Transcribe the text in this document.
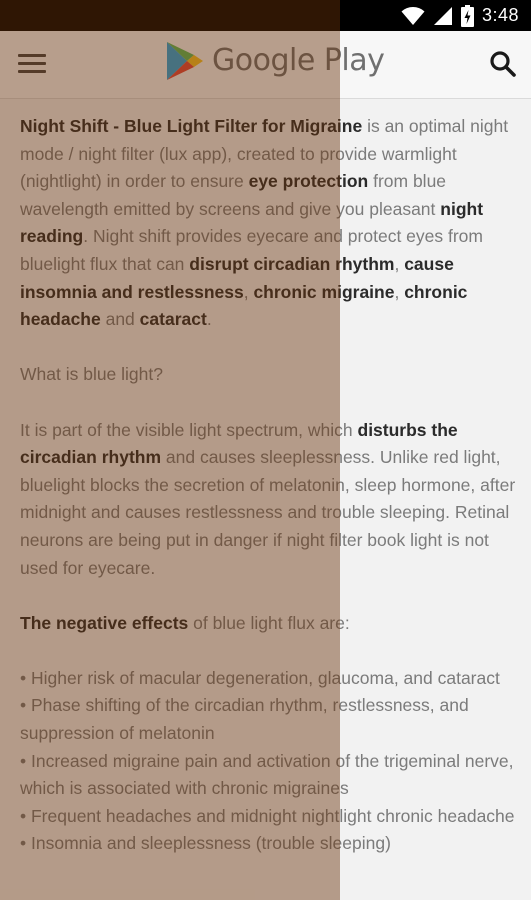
3:48
Google Play

Night Shift - Blue Light Filter for Migraine is an optimal night mode / night filter (lux app), created to provide warmlight (nightlight) in order to ensure eye protection from blue wavelength emitted by screens and give you pleasant night reading. Night shift provides eyecare and protect eyes from bluelight flux that can disrupt circadian rhythm, cause insomnia and restlessness, chronic migraine, chronic headache and cataract.

What is blue light?

It is part of the visible light spectrum, which disturbs the circadian rhythm and causes sleeplessness. Unlike red light, bluelight blocks the secretion of melatonin, sleep hormone, after midnight and causes restlessness and trouble sleeping. Retinal neurons are being put in danger if night filter book light is not used for eyecare.

The negative effects of blue light flux are:

• Higher risk of macular degeneration, glaucoma, and cataract

• Phase shifting of the circadian rhythm, restlessness, and suppression of melatonin

• Increased migraine pain and activation of the trigeminal nerve, which is associated with chronic migraines

• Frequent headaches and midnight nightlight chronic headache

• Insomnia and sleeplessness (trouble sleeping)
